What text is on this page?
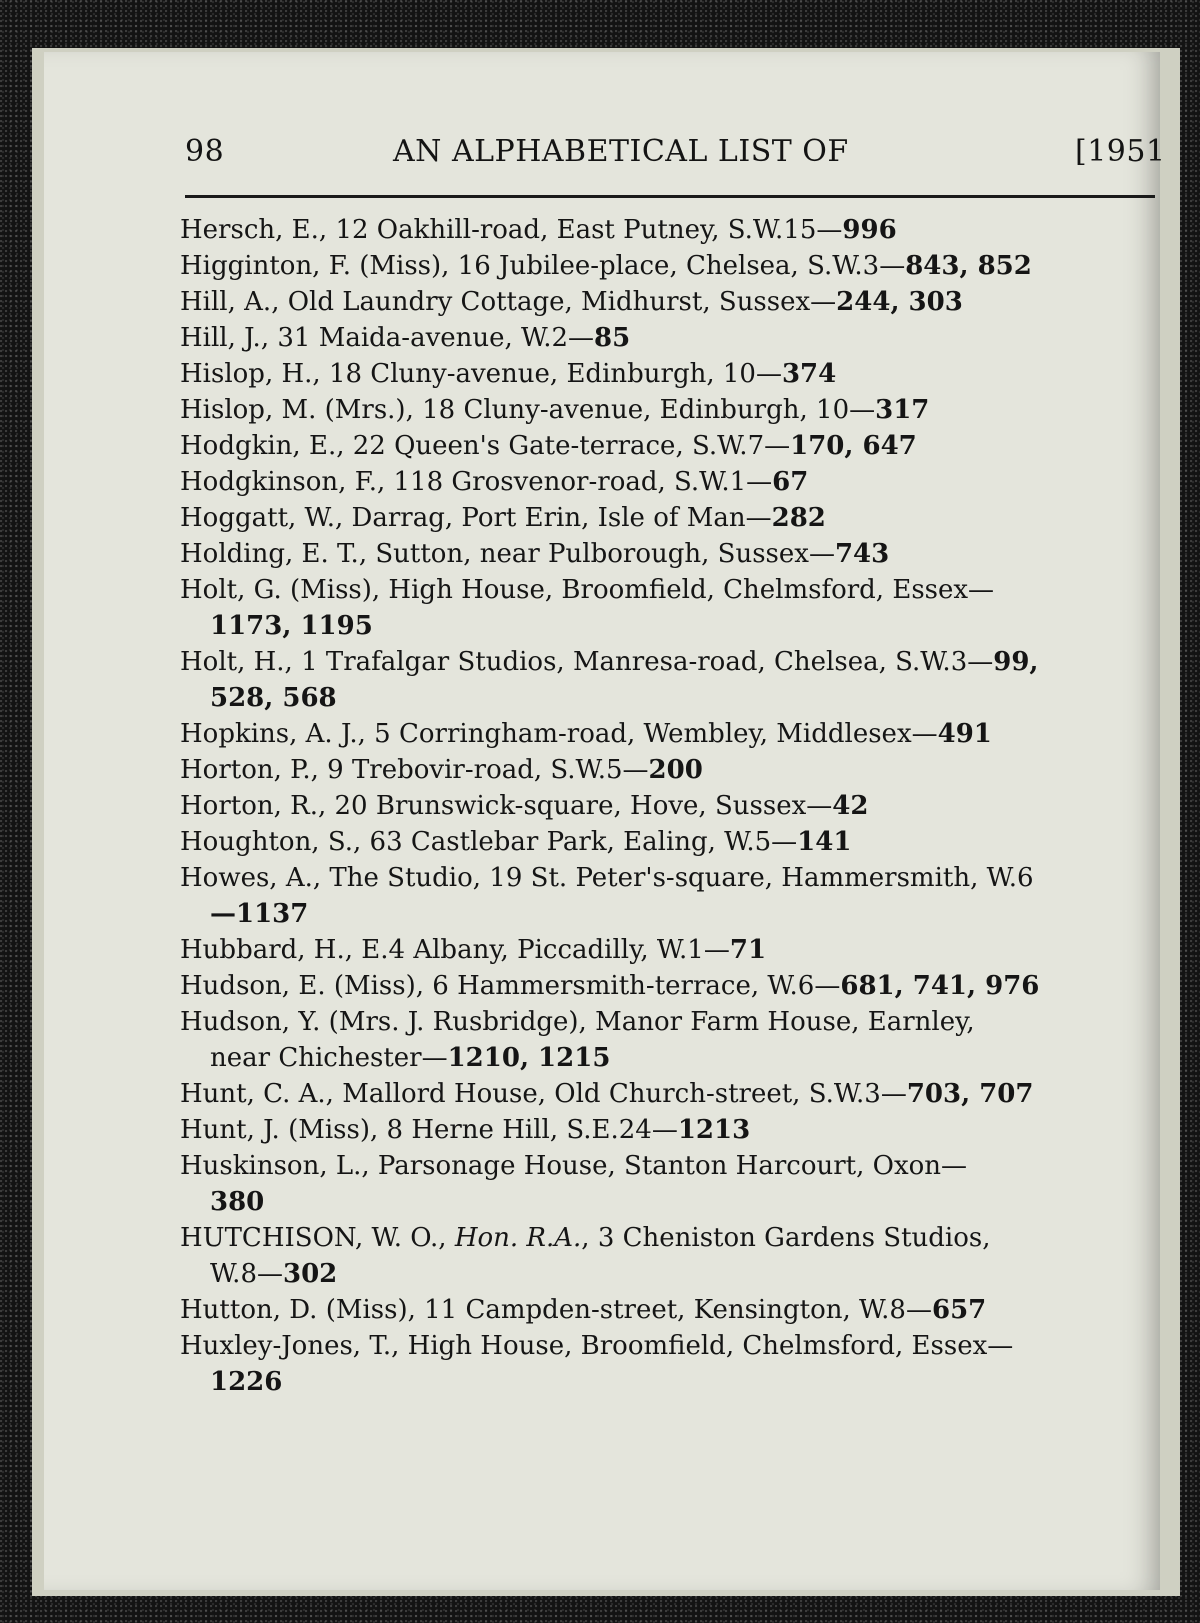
98	AN ALPHABETICAL LIST OF	[1951
Hersch, E., 12 Oakhill-road, East Putney, S.W.15—996
Higginton, F. (Miss), 16 Jubilee-place, Chelsea, S.W.3—843, 852
Hill, A., Old Laundry Cottage, Midhurst, Sussex—244, 303
Hill, J., 31 Maida-avenue, W.2—85
Hislop, H., 18 Cluny-avenue, Edinburgh, 10—374
Hislop, M. (Mrs.), 18 Cluny-avenue, Edinburgh, 10—317
Hodgkin, E., 22 Queen's Gate-terrace, S.W.7—170, 647
Hodgkinson, F., 118 Grosvenor-road, S.W.1—67
Hoggatt, W., Darrag, Port Erin, Isle of Man—282
Holding, E. T., Sutton, near Pulborough, Sussex—743
Holt, G. (Miss), High House, Broomfield, Chelmsford, Essex—
1173, 1195
Holt, H., 1 Trafalgar Studios, Manresa-road, Chelsea, S.W.3—99,
528, 568
Hopkins, A. J., 5 Corringham-road, Wembley, Middlesex—491
Horton, P., 9 Trebovir-road, S.W.5—200
Horton, R., 20 Brunswick-square, Hove, Sussex—42
Houghton, S., 63 Castlebar Park, Ealing, W.5—141
Howes, A., The Studio, 19 St. Peter's-square, Hammersmith, W.6
—1137
Hubbard, H., E.4 Albany, Piccadilly, W.1—71
Hudson, E. (Miss), 6 Hammersmith-terrace, W.6—681, 741, 976
Hudson, Y. (Mrs. J. Rusbridge), Manor Farm House, Earnley,
near Chichester—1210, 1215
Hunt, C. A., Mallord House, Old Church-street, S.W.3—703, 707
Hunt, J. (Miss), 8 Herne Hill, S.E.24—1213
Huskinson, L., Parsonage House, Stanton Harcourt, Oxon—
380
HUTCHISON, W. O., Hon. R.A., 3 Cheniston Gardens Studios,
W.8—302
Hutton, D. (Miss), 11 Campden-street, Kensington, W.8—657
Huxley-Jones, T., High House, Broomfield, Chelmsford, Essex—
1226
